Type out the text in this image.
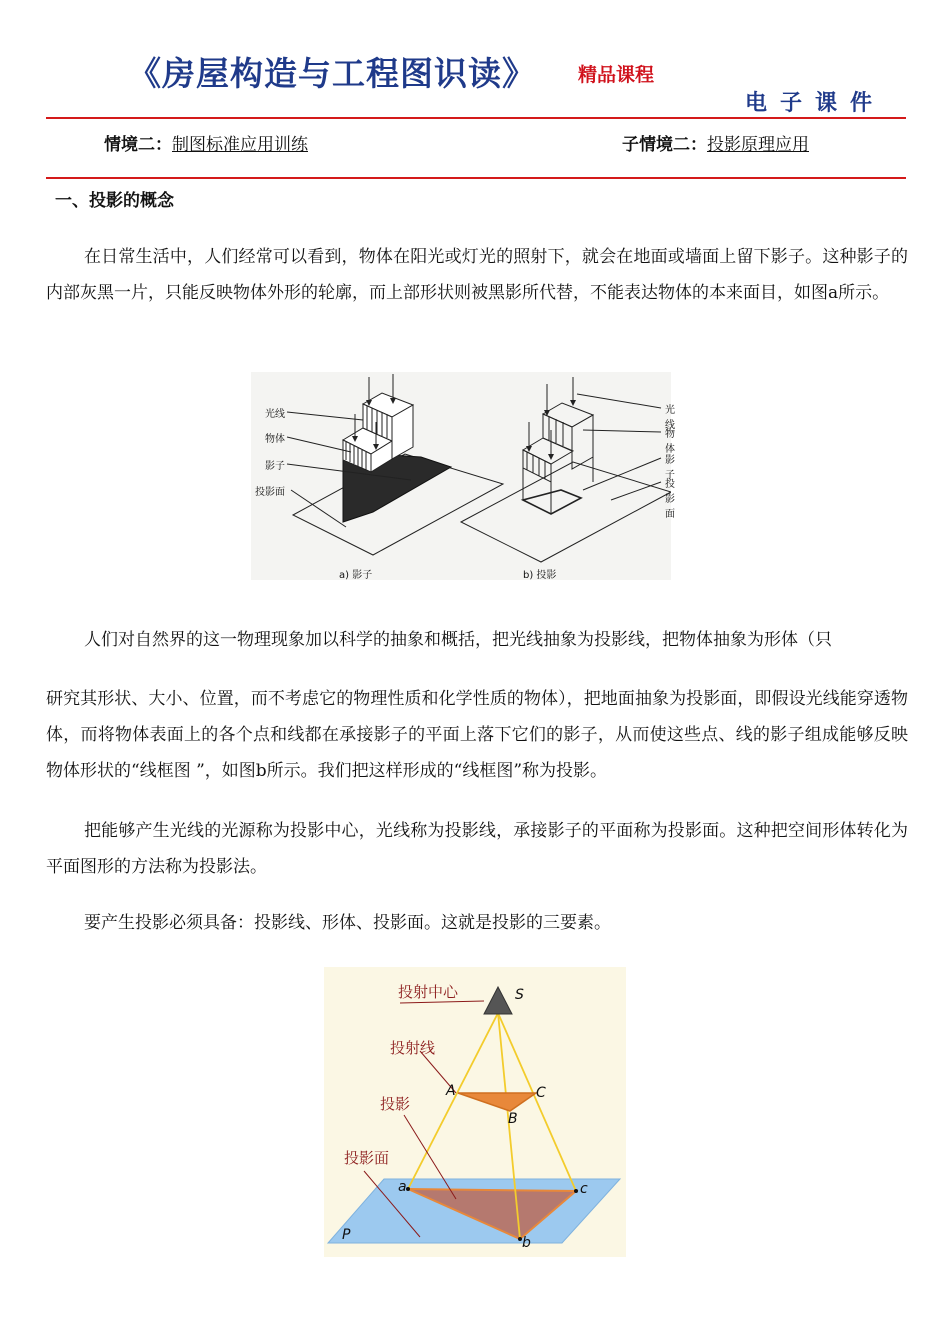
《房屋构造与工程图识读》 精品课程
电子课件
情境二：制图标准应用训练	子情境二：投影原理应用
一、投影的概念
在日常生活中，人们经常可以看到，物体在阳光或灯光的照射下，就会在地面或墙面上留下影子。这种影子的内部灰黑一片，只能反映物体外形的轮廓，而上部形状则被黑影所代替，不能表达物体的本来面目，如图a所示。
光线
物体
影子
投影面
光线
物体
影子
投影面
a) 影子	b) 投影
人们对自然界的这一物理现象加以科学的抽象和概括，把光线抽象为投影线，把物体抽象为形体（只
研究其形状、大小、位置，而不考虑它的物理性质和化学性质的物体），把地面抽象为投影面，即假设光线能穿透物体，而将物体表面上的各个点和线都在承接影子的平面上落下它们的影子，从而使这些点、线的影子组成能够反映物体形状的“线框图 ”，如图b所示。我们把这样形成的“线框图”称为投影。
把能够产生光线的光源称为投影中心，光线称为投影线，承接影子的平面称为投影面。这种把空间形体转化为平面图形的方法称为投影法。
要产生投影必须具备：投影线、形体、投影面。这就是投影的三要素。
投射中心
投射线
投影
投影面
S
A
B
C
a
b
c
P
